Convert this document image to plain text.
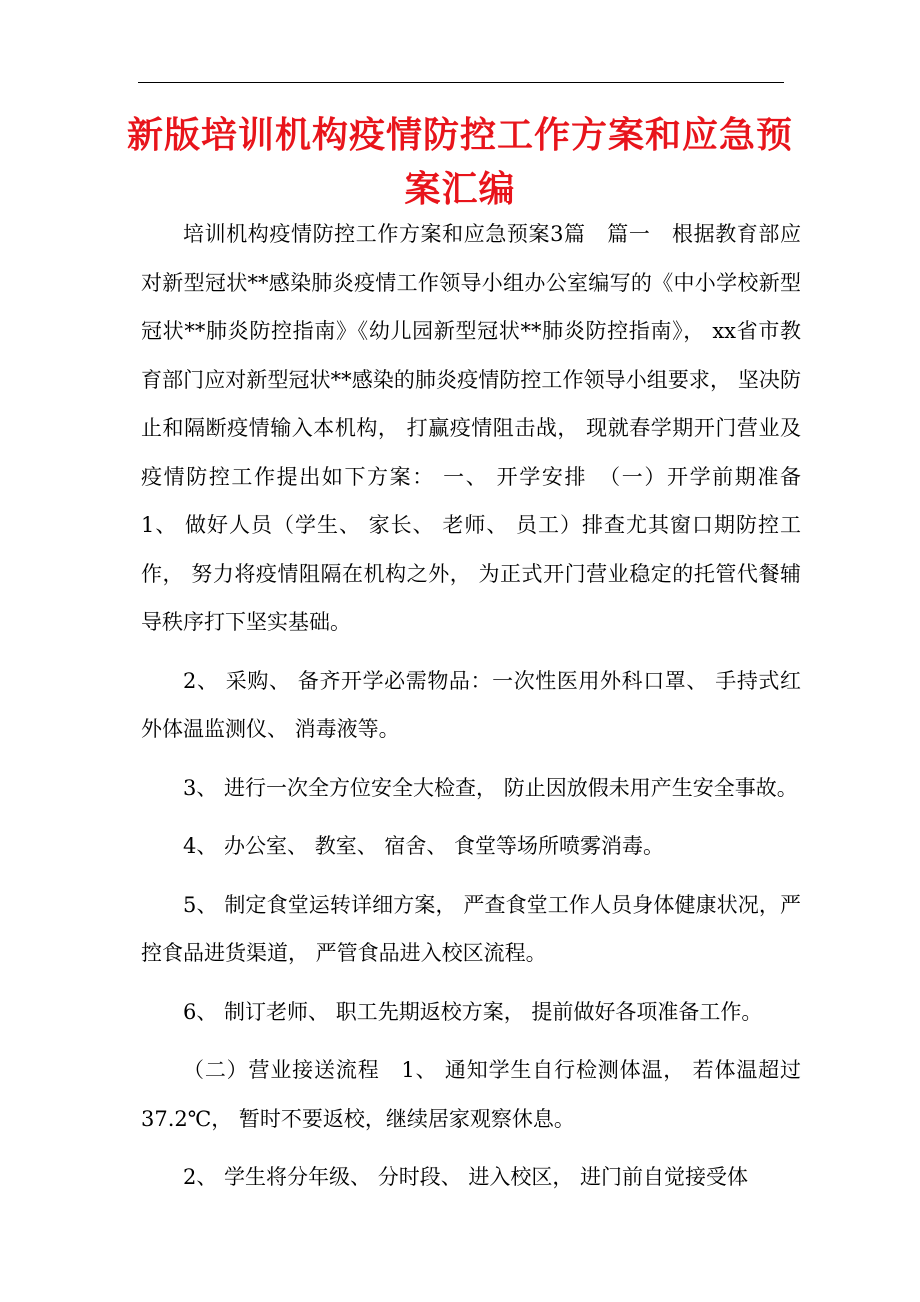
新版培训机构疫情防控工作方案和应急预案汇编

培训机构疫情防控工作方案和应急预案3篇　篇一　根据教育部应对新型冠状**感染肺炎疫情工作领导小组办公室编写的《中小学校新型冠状**肺炎防控指南》《幼儿园新型冠状**肺炎防控指南》， xx省市教育部门应对新型冠状**感染的肺炎疫情防控工作领导小组要求， 坚决防止和隔断疫情输入本机构， 打赢疫情阻击战， 现就春学期开门营业及疫情防控工作提出如下方案： 一、 开学安排　（一）开学前期准备　1、 做好人员（学生、 家长、 老师、 员工）排查尤其窗口期防控工作， 努力将疫情阻隔在机构之外， 为正式开门营业稳定的托管代餐辅导秩序打下坚实基础。

2、 采购、 备齐开学必需物品：一次性医用外科口罩、 手持式红外体温监测仪、 消毒液等。

3、 进行一次全方位安全大检查， 防止因放假未用产生安全事故。

4、 办公室、 教室、 宿舍、 食堂等场所喷雾消毒。

5、 制定食堂运转详细方案， 严查食堂工作人员身体健康状况，严控食品进货渠道， 严管食品进入校区流程。

6、 制订老师、 职工先期返校方案， 提前做好各项准备工作。

（二）营业接送流程　1、 通知学生自行检测体温， 若体温超过 37.2℃， 暂时不要返校，继续居家观察休息。

2、 学生将分年级、 分时段、 进入校区， 进门前自觉接受体
